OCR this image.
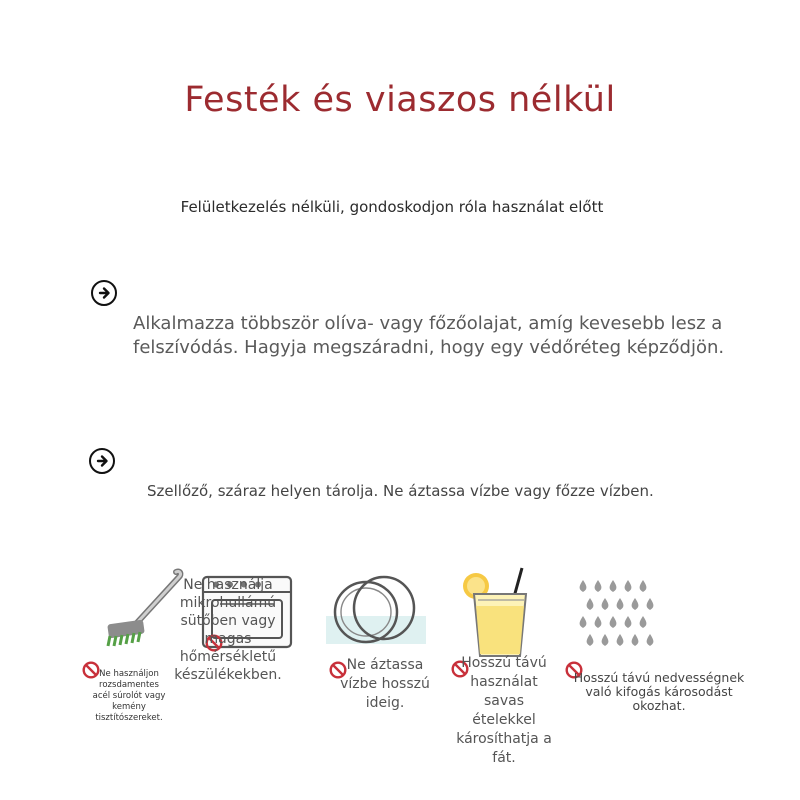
Festék és viaszos nélkül
Felületkezelés nélküli, gondoskodjon róla használat előtt
Alkalmazza többször olíva- vagy főzőolajat, amíg kevesebb lesz a felszívódás. Hagyja megszáradni, hogy egy védőréteg képződjön.
Szellőző, száraz helyen tárolja. Ne áztassa vízbe vagy főzze vízben.
Ne használjon rozsdamentes acél súrolót vagy kemény tisztítószereket.
Ne használja mikrohullámú sütőben vagy magas hőmérsékletű készülékekben.
Ne áztassa vízbe hosszú ideig.
Hosszú távú használat savas ételekkel károsíthatja a fát.
Hosszú távú nedvességnek való kifogás károsodást okozhat.
